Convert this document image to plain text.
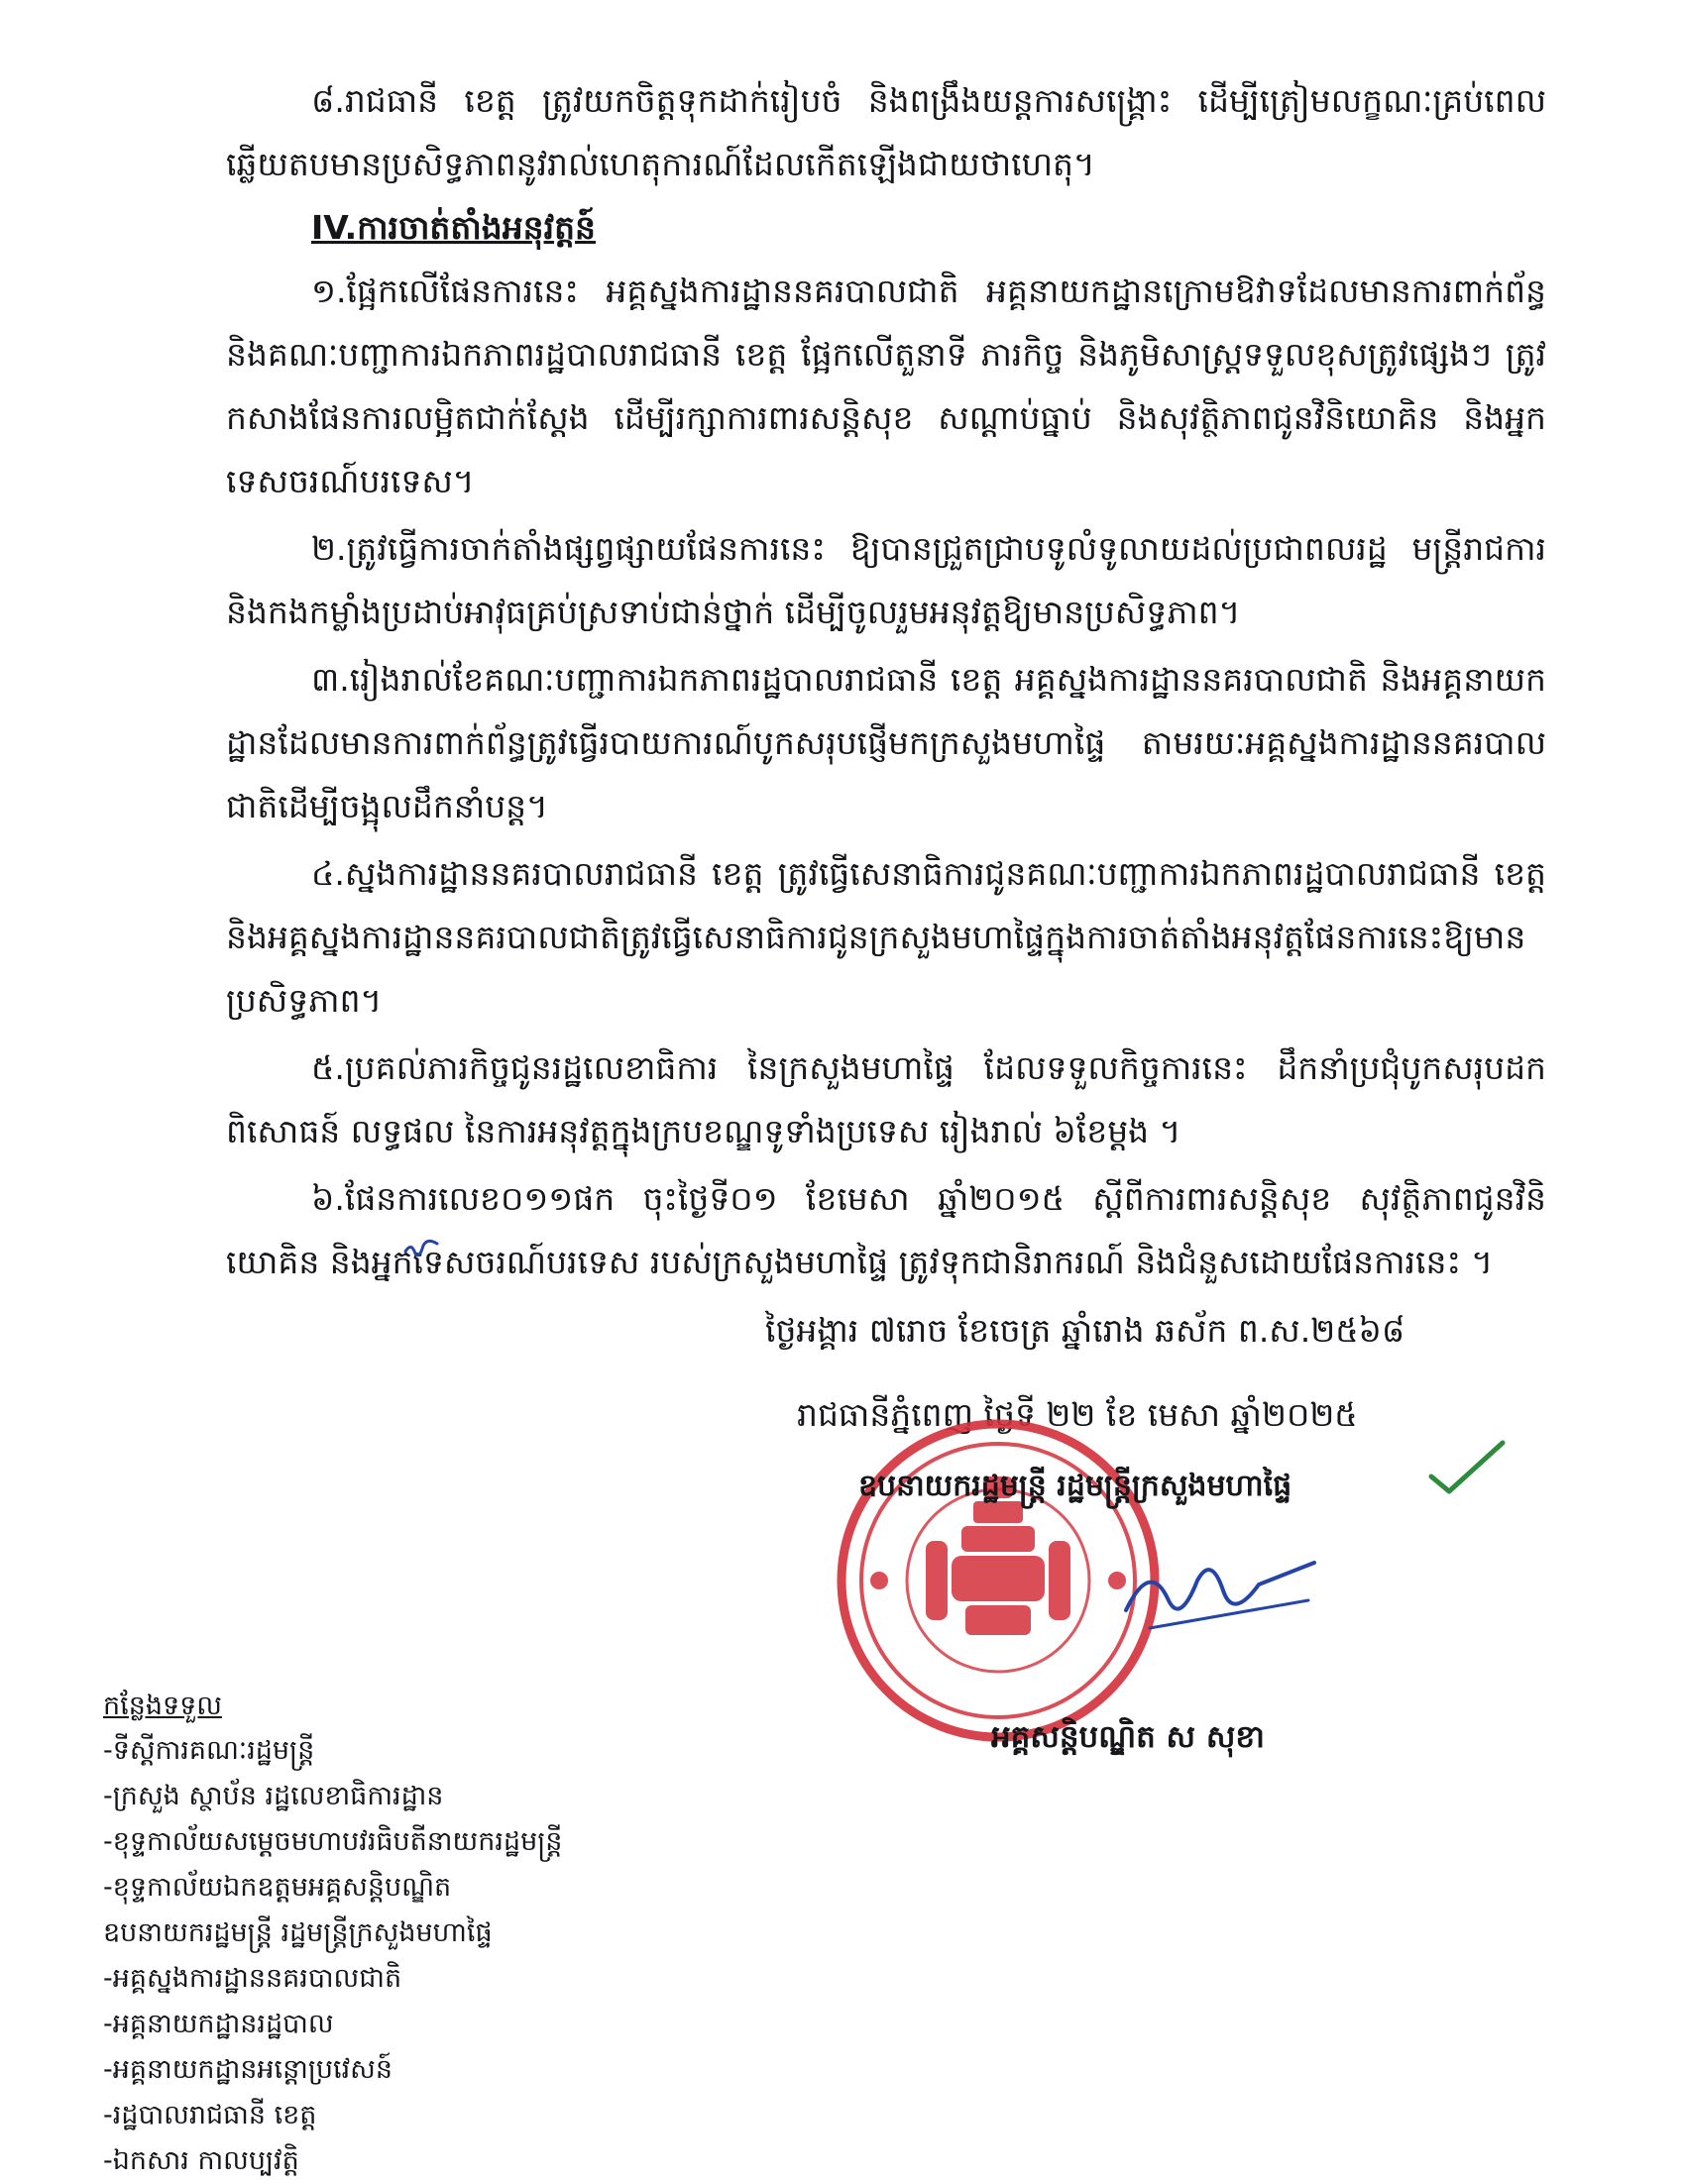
៨.រាជធានី ខេត្ត ត្រូវយកចិត្តទុកដាក់រៀបចំ និងពង្រឹងយន្តការសង្គ្រោះ ដើម្បីត្រៀមលក្ខណៈគ្រប់ពេល ឆ្លើយតបមានប្រសិទ្ធភាពនូវរាល់ហេតុការណ៍ដែលកើតឡើងជាយថាហេតុ។

IV.ការចាត់តាំងអនុវត្តន៍

១.ផ្អែកលើផែនការនេះ អគ្គស្នងការដ្ឋាននគរបាលជាតិ អគ្គនាយកដ្ឋានក្រោមឱវាទដែលមានការពាក់ព័ន្ធ និងគណៈបញ្ជាការឯកភាពរដ្ឋបាលរាជធានី ខេត្ត ផ្អែកលើតួនាទី ភារកិច្ច និងភូមិសាស្ត្រទទួលខុសត្រូវផ្សេងៗ ត្រូវកសាងផែនការលម្អិតជាក់ស្តែង ដើម្បីរក្សាការពារសន្តិសុខ សណ្តាប់ធ្នាប់ និងសុវត្ថិភាពជូនវិនិយោគិន និងអ្នកទេសចរណ៍បរទេស។

២.ត្រូវធ្វើការចាក់តាំងផ្សព្វផ្សាយផែនការនេះ ឱ្យបានជ្រួតជ្រាបទូលំទូលាយដល់ប្រជាពលរដ្ឋ មន្ត្រីរាជការ និងកងកម្លាំងប្រដាប់អាវុធគ្រប់ស្រទាប់ជាន់ថ្នាក់ ដើម្បីចូលរួមអនុវត្តឱ្យមានប្រសិទ្ធភាព។

៣.រៀងរាល់ខែគណៈបញ្ជាការឯកភាពរដ្ឋបាលរាជធានី ខេត្ត អគ្គស្នងការដ្ឋាននគរបាលជាតិ និងអគ្គនាយកដ្ឋានដែលមានការពាក់ព័ន្ធត្រូវធ្វើរបាយការណ៍បូកសរុបផ្ញើមកក្រសួងមហាផ្ទៃ តាមរយៈអគ្គស្នងការដ្ឋាននគរបាលជាតិដើម្បីចង្អុលដឹកនាំបន្ត។

៤.ស្នងការដ្ឋាននគរបាលរាជធានី ខេត្ត ត្រូវធ្វើសេនាធិការជូនគណៈបញ្ជាការឯកភាពរដ្ឋបាលរាជធានី ខេត្ត និងអគ្គស្នងការដ្ឋាននគរបាលជាតិត្រូវធ្វើសេនាធិការជូនក្រសួងមហាផ្ទៃក្នុងការចាត់តាំងអនុវត្តផែនការនេះឱ្យមានប្រសិទ្ធភាព។

៥.ប្រគល់ភារកិច្ចជូនរដ្ឋលេខាធិការ នៃក្រសួងមហាផ្ទៃ ដែលទទួលកិច្ចការនេះ ដឹកនាំប្រជុំបូកសរុបដកពិសោធន៍ លទ្ធផល នៃការអនុវត្តក្នុងក្របខណ្ឌទូទាំងប្រទេស រៀងរាល់ ៦ខែម្តង ។

៦.ផែនការលេខ០១១ផក ចុះថ្ងៃទី០១ ខែមេសា ឆ្នាំ២០១៥ ស្តីពីការពារសន្តិសុខ សុវត្ថិភាពជូនវិនិយោគិន និងអ្នកទេសចរណ៍បរទេស របស់ក្រសួងមហាផ្ទៃ ត្រូវទុកជានិរាករណ៍ និងជំនួសដោយផែនការនេះ ។

ថ្ងៃអង្គារ ៧រោច ខែចេត្រ ឆ្នាំរោង ឆស័ក ព.ស.២៥៦៨
រាជធានីភ្នំពេញ ថ្ងៃទី ២២ ខែ មេសា ឆ្នាំ២០២៥
ឧបនាយករដ្ឋមន្ត្រី រដ្ឋមន្ត្រីក្រសួងមហាផ្ទៃ
អគ្គសន្តិបណ្ឌិត ស សុខា

កន្លែងទទួល

-ទីស្តីការគណៈរដ្ឋមន្ត្រី
-ក្រសួង ស្ថាប័ន រដ្ឋលេខាធិការដ្ឋាន
-ខុទ្ទកាល័យសម្តេចមហាបវរធិបតីនាយករដ្ឋមន្ត្រី
-ខុទ្ទកាល័យឯកឧត្តមអគ្គសន្តិបណ្ឌិត
ឧបនាយករដ្ឋមន្ត្រី រដ្ឋមន្ត្រីក្រសួងមហាផ្ទៃ
-អគ្គស្នងការដ្ឋាននគរបាលជាតិ
-អគ្គនាយកដ្ឋានរដ្ឋបាល
-អគ្គនាយកដ្ឋានអន្តោប្រវេសន៍
-រដ្ឋបាលរាជធានី ខេត្ត
-ឯកសារ កាលប្បវត្តិ
